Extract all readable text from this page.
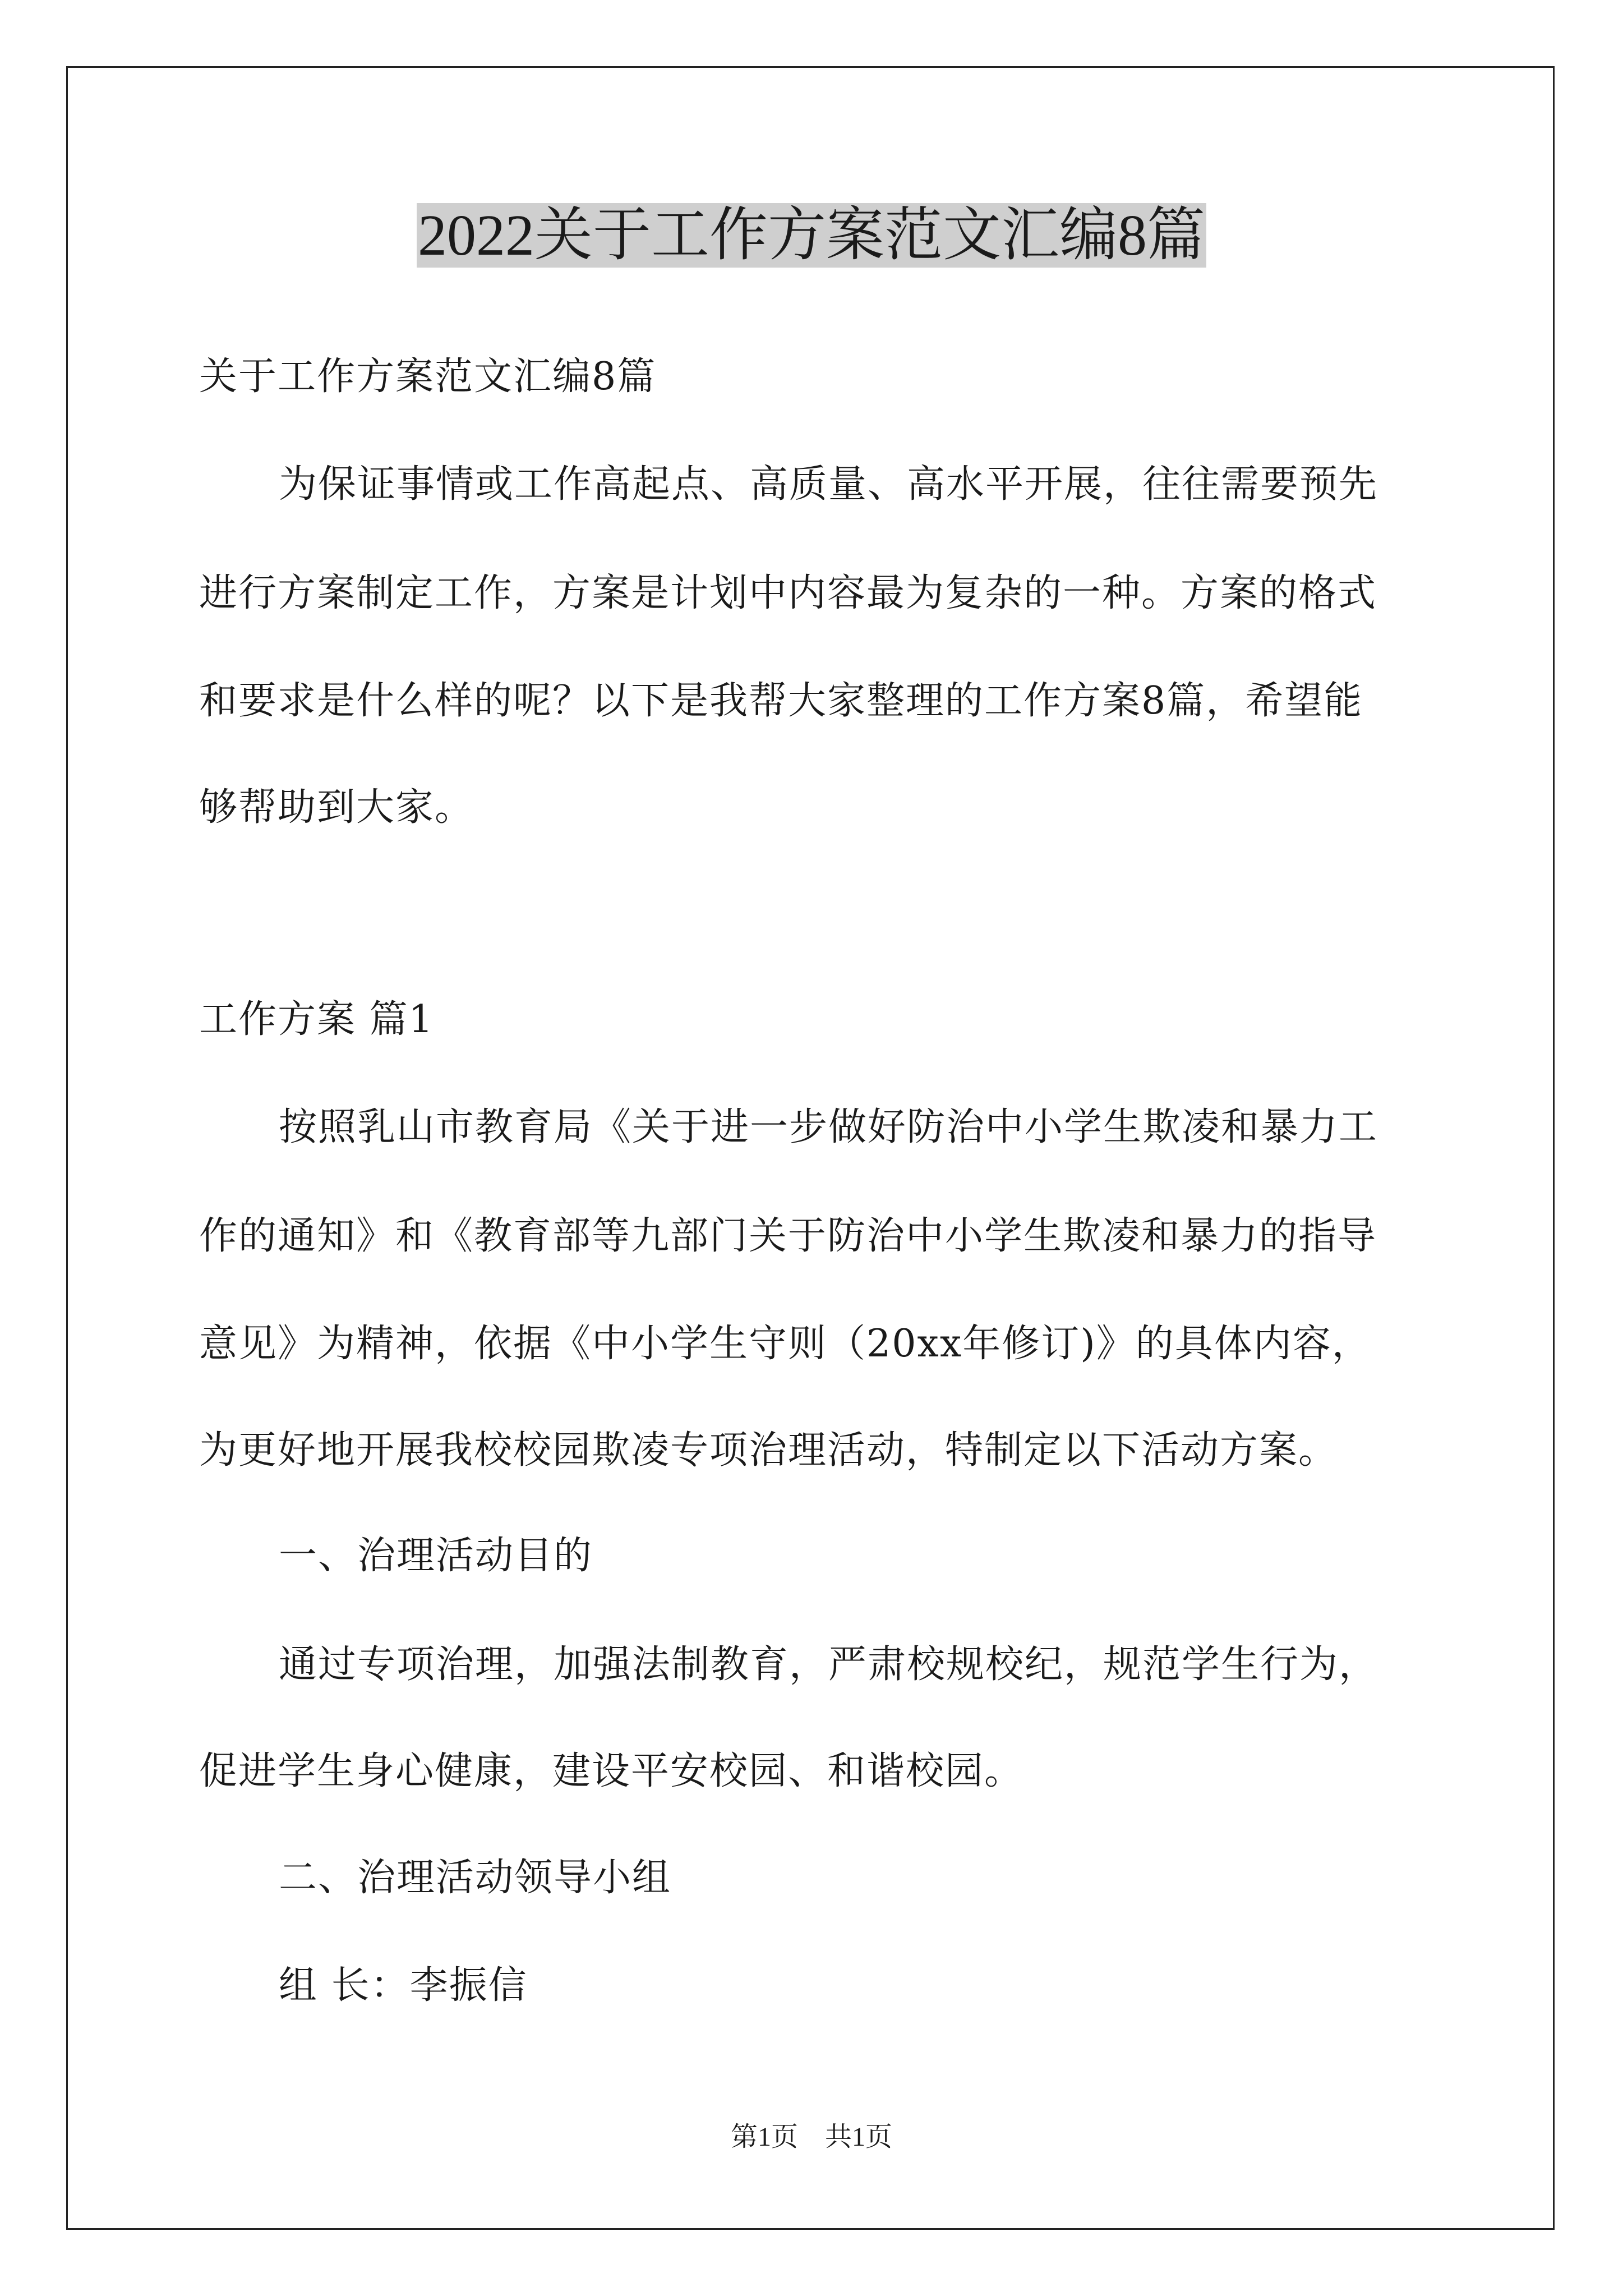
2022关于工作方案范文汇编8篇

关于工作方案范文汇编8篇

为保证事情或工作高起点、高质量、高水平开展，往往需要预先

进行方案制定工作，方案是计划中内容最为复杂的一种。方案的格式

和要求是什么样的呢？以下是我帮大家整理的工作方案8篇，希望能

够帮助到大家。

工作方案 篇1

按照乳山市教育局《关于进一步做好防治中小学生欺凌和暴力工

作的通知》和《教育部等九部门关于防治中小学生欺凌和暴力的指导

意见》为精神，依据《中小学生守则（20xx年修订)》的具体内容，

为更好地开展我校校园欺凌专项治理活动，特制定以下活动方案。

一、治理活动目的

通过专项治理，加强法制教育，严肃校规校纪，规范学生行为，

促进学生身心健康，建设平安校园、和谐校园。

二、治理活动领导小组

组 长：李振信

第1页　共1页
